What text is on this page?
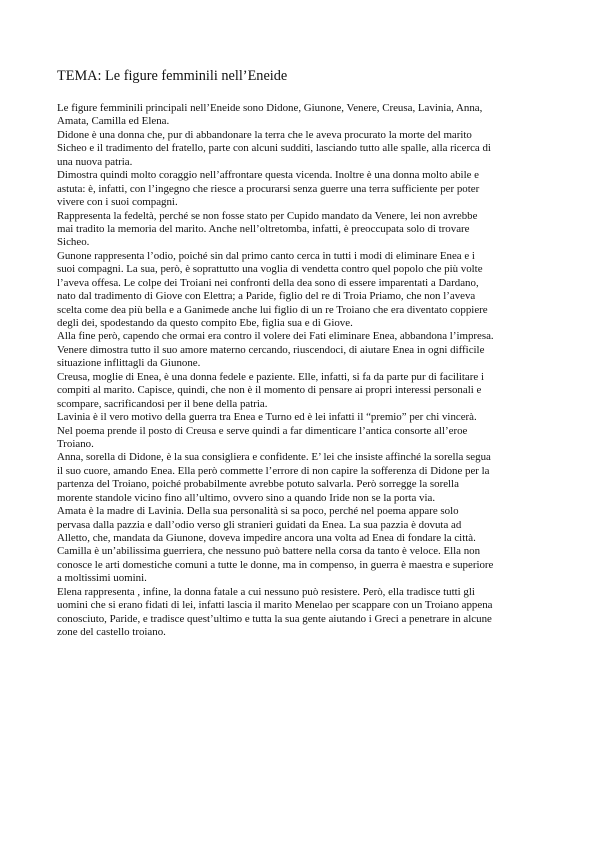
TEMA: Le figure femminili nell’Eneide
Le figure femminili principali nell’Eneide sono Didone, Giunone, Venere, Creusa, Lavinia, Anna,
Amata, Camilla ed Elena.
Didone è una donna che, pur di abbandonare la terra che le aveva procurato la morte del marito
Sicheo e il tradimento del fratello, parte con alcuni sudditi, lasciando tutto alle spalle, alla ricerca di
una nuova patria.
Dimostra quindi molto coraggio nell’affrontare questa vicenda. Inoltre è una donna molto abile e
astuta: è, infatti, con l’ingegno che riesce a procurarsi senza guerre una terra sufficiente per poter
vivere con i suoi compagni.
Rappresenta la fedeltà, perché se non fosse stato per Cupido mandato da Venere, lei non avrebbe
mai tradito la memoria del marito. Anche nell’oltretomba, infatti, è preoccupata solo di trovare
Sicheo.
Gunone rappresenta l’odio, poiché sin dal primo canto cerca in tutti i modi di eliminare Enea e i
suoi compagni. La sua, però, è soprattutto una voglia di vendetta contro quel popolo che più volte
l’aveva offesa. Le colpe dei Troiani nei confronti della dea sono di essere imparentati a Dardano,
nato dal tradimento di Giove con Elettra; a Paride, figlio del re di Troia Priamo, che non l’aveva
scelta come dea più bella e a Ganimede anche lui figlio di un re Troiano che era diventato coppiere
degli dei, spodestando da questo compito Ebe, figlia sua e di Giove.
Alla fine però, capendo che ormai era contro il volere dei Fati eliminare Enea, abbandona l’impresa.
Venere dimostra tutto il suo amore materno cercando, riuscendoci, di aiutare Enea in ogni difficile
situazione inflittagli da Giunone.
Creusa, moglie di Enea, è una donna fedele e paziente. Elle, infatti, si fa da parte pur di facilitare i
compiti al marito. Capisce, quindi, che non è il momento di pensare ai propri interessi personali e
scompare, sacrificandosi per il bene della patria.
Lavinia è il vero motivo della guerra tra Enea e Turno ed è lei infatti il “premio” per chi vincerà.
Nel poema prende il posto di Creusa e serve quindi a far dimenticare l’antica consorte all’eroe
Troiano.
Anna, sorella di Didone, è la sua consigliera e confidente. E’ lei che insiste affinché la sorella segua
il suo cuore, amando Enea. Ella però commette l’errore di non capire la sofferenza di Didone per la
partenza del Troiano, poiché probabilmente avrebbe potuto salvarla. Però sorregge la sorella
morente standole vicino fino all’ultimo, ovvero sino a quando Iride non se la porta via.
Amata è la madre di Lavinia. Della sua personalità si sa poco, perché nel poema appare solo
pervasa dalla pazzia e dall’odio verso gli stranieri guidati da Enea. La sua pazzia è dovuta ad
Alletto, che, mandata da Giunone, doveva impedire ancora una volta ad Enea di fondare la città.
Camilla è un’abilissima guerriera, che nessuno può battere nella corsa da tanto è veloce. Ella non
conosce le arti domestiche comuni a tutte le donne, ma in compenso, in guerra è maestra e superiore
a moltissimi uomini.
Elena rappresenta , infine, la donna fatale a cui nessuno può resistere. Però, ella tradisce tutti gli
uomini che si erano fidati di lei, infatti lascia il marito Menelao per scappare con un Troiano appena
conosciuto, Paride, e tradisce quest’ultimo e tutta la sua gente aiutando i Greci a penetrare in alcune
zone del castello troiano.
